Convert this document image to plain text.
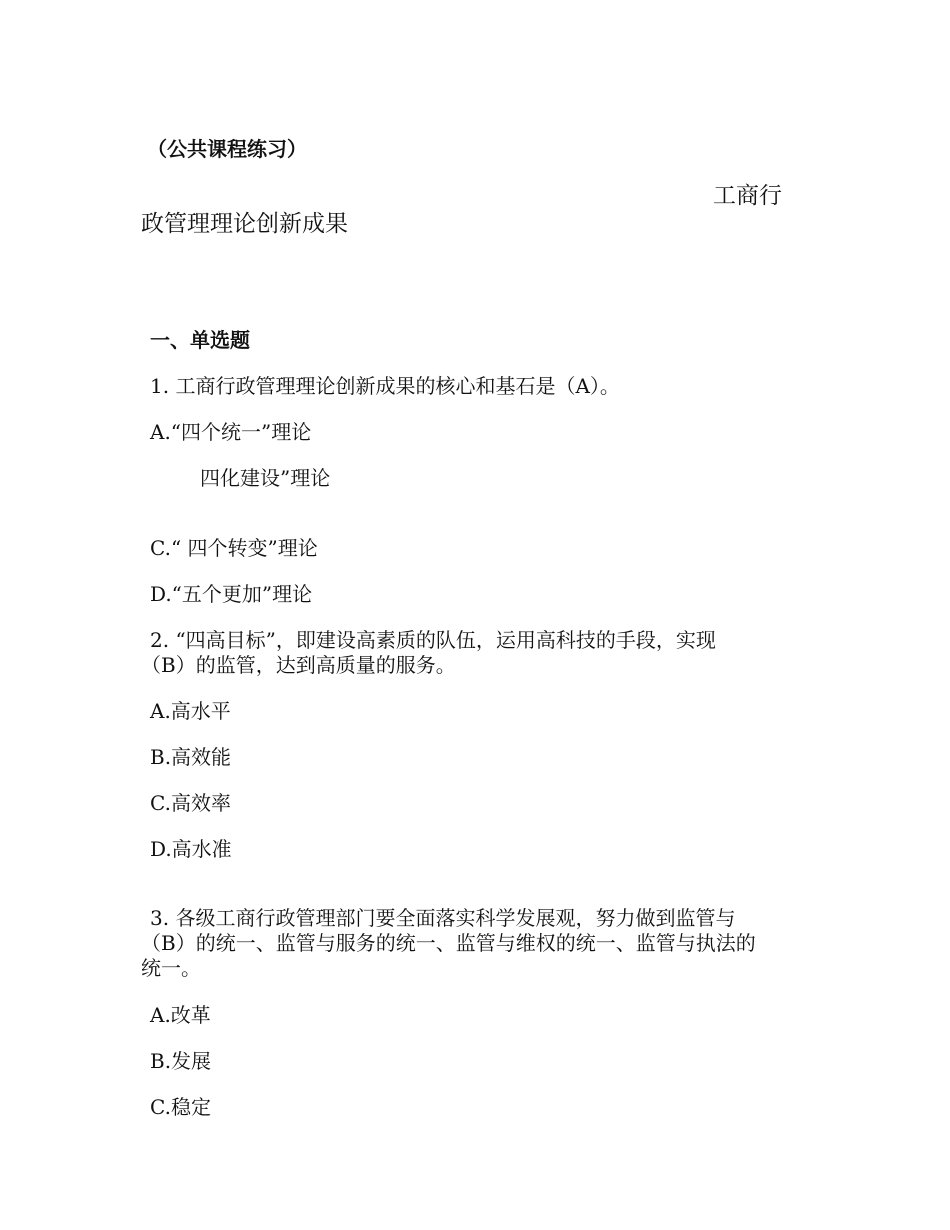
（公共课程练习）
工商行
政管理理论创新成果
一、单选题
1. 工商行政管理理论创新成果的核心和基石是（A）。
A.“四个统一”理论
四化建设”理论
C.“ 四个转变”理论
D.“五个更加”理论
2. “四高目标”，即建设高素质的队伍，运用高科技的手段，实现
（B）的监管，达到高质量的服务。
A.高水平
B.高效能
C.高效率
D.高水准
3. 各级工商行政管理部门要全面落实科学发展观，努力做到监管与
（B）的统一、监管与服务的统一、监管与维权的统一、监管与执法的
统一。
A.改革
B.发展
C.稳定
